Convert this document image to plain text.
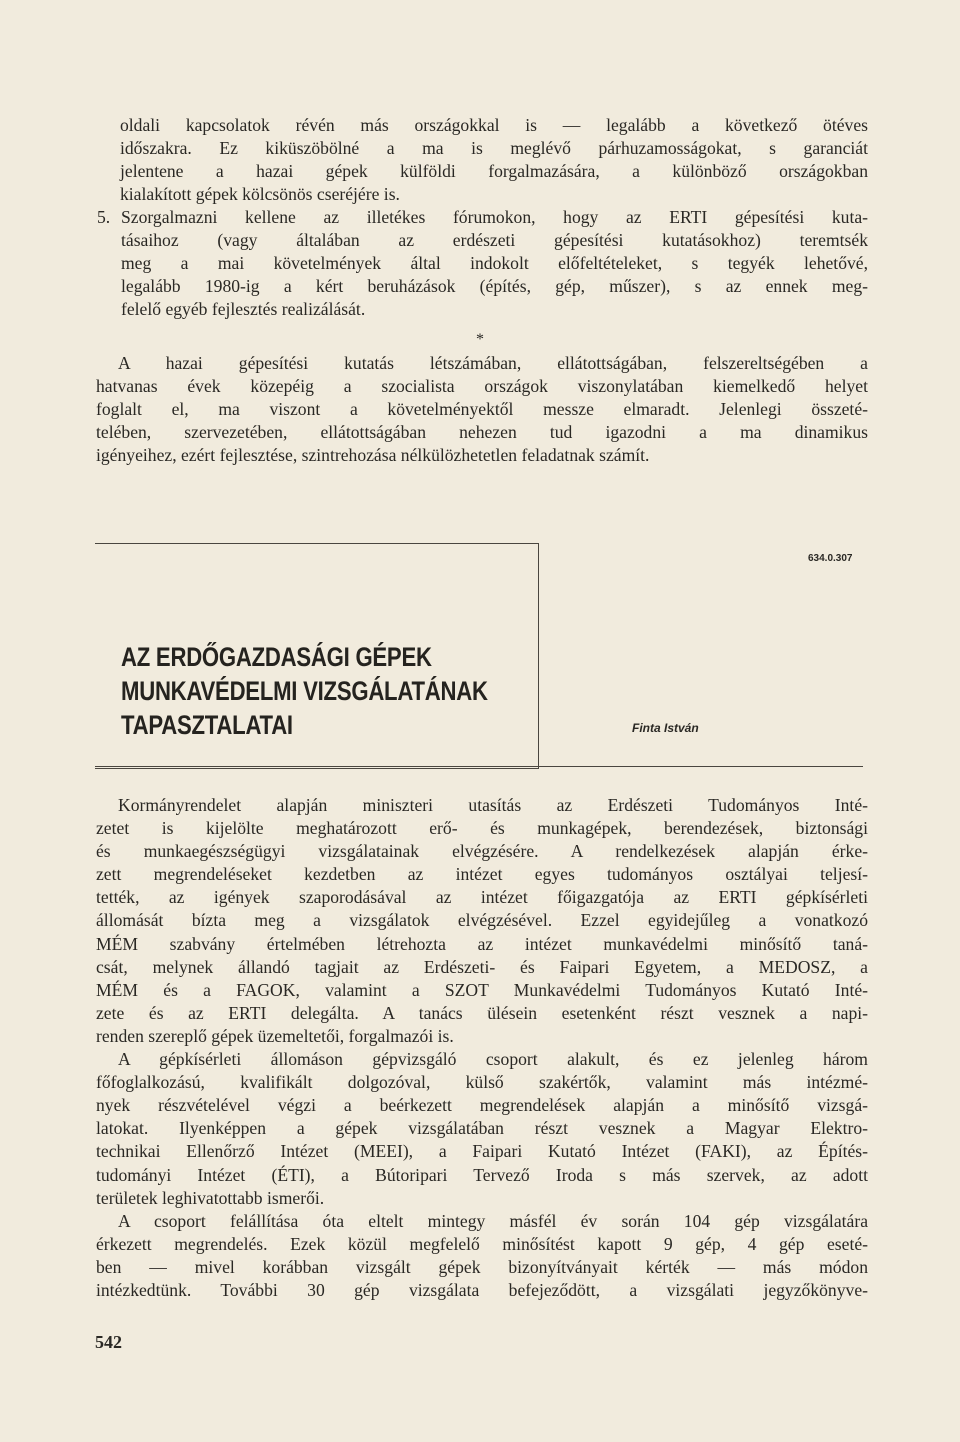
oldali kapcsolatok révén más országokkal is — legalább a következő ötéves
időszakra. Ez kiküszöbölné a ma is meglévő párhuzamosságokat, s garanciát
jelentene a hazai gépek külföldi forgalmazására, a különböző országokban
kialakított gépek kölcsönös cseréjére is.
5. Szorgalmazni kellene az illetékes fórumokon, hogy az ERTI gépesítési kuta-
tásaihoz (vagy általában az erdészeti gépesítési kutatásokhoz) teremtsék
meg a mai követelmények által indokolt előfeltételeket, s tegyék lehetővé,
legalább 1980-ig a kért beruházások (építés, gép, műszer), s az ennek meg-
felelő egyéb fejlesztés realizálását.
*
A hazai gépesítési kutatás létszámában, ellátottságában, felszereltségében a
hatvanas évek közepéig a szocialista országok viszonylatában kiemelkedő helyet
foglalt el, ma viszont a követelményektől messze elmaradt. Jelenlegi összeté-
telében, szervezetében, ellátottságában nehezen tud igazodni a ma dinamikus
igényeihez, ezért fejlesztése, szintrehozása nélkülözhetetlen feladatnak számít.
634.0.307
AZ ERDŐGAZDASÁGI GÉPEK
MUNKAVÉDELMI VIZSGÁLATÁNAK
TAPASZTALATAI	Finta István
Kormányrendelet alapján miniszteri utasítás az Erdészeti Tudományos Inté-
zetet is kijelölte meghatározott erő- és munkagépek, berendezések, biztonsági
és munkaegészségügyi vizsgálatainak elvégzésére. A rendelkezések alapján érke-
zett megrendeléseket kezdetben az intézet egyes tudományos osztályai teljesí-
tették, az igények szaporodásával az intézet főigazgatója az ERTI gépkísérleti
állomását bízta meg a vizsgálatok elvégzésével. Ezzel egyidejűleg a vonatkozó
MÉM szabvány értelmében létrehozta az intézet munkavédelmi minősítő taná-
csát, melynek állandó tagjait az Erdészeti- és Faipari Egyetem, a MEDOSZ, a
MÉM és a FAGOK, valamint a SZOT Munkavédelmi Tudományos Kutató Inté-
zete és az ERTI delegálta. A tanács ülésein esetenként részt vesznek a napi-
renden szereplő gépek üzemeltetői, forgalmazói is.
A gépkísérleti állomáson gépvizsgáló csoport alakult, és ez jelenleg három
főfoglalkozású, kvalifikált dolgozóval, külső szakértők, valamint más intézmé-
nyek részvételével végzi a beérkezett megrendelések alapján a minősítő vizsgá-
latokat. Ilyenképpen a gépek vizsgálatában részt vesznek a Magyar Elektro-
technikai Ellenőrző Intézet (MEEI), a Faipari Kutató Intézet (FAKI), az Építés-
tudományi Intézet (ÉTI), a Bútoripari Tervező Iroda s más szervek, az adott
területek leghivatottabb ismerői.
A csoport felállítása óta eltelt mintegy másfél év során 104 gép vizsgálatára
érkezett megrendelés. Ezek közül megfelelő minősítést kapott 9 gép, 4 gép eseté-
ben — mivel korábban vizsgált gépek bizonyítványait kérték — más módon
intézkedtünk. További 30 gép vizsgálata befejeződött, a vizsgálati jegyzőkönyve-
542
